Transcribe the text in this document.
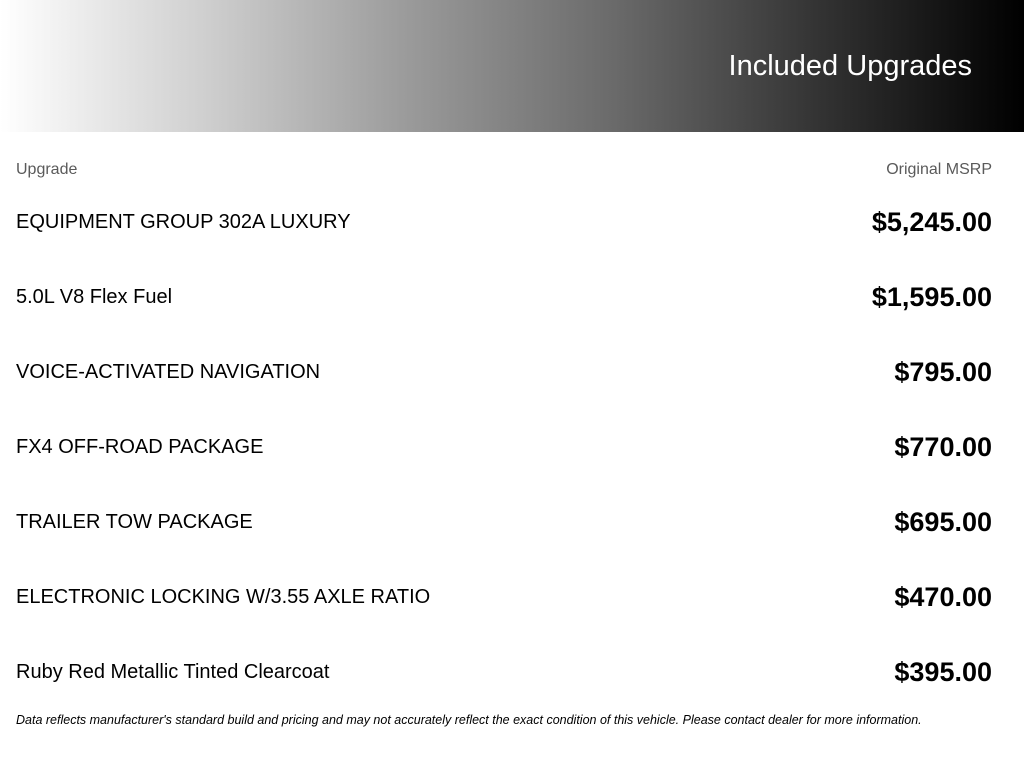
Included Upgrades
Upgrade	Original MSRP
EQUIPMENT GROUP 302A LUXURY	$5,245.00
5.0L V8 Flex Fuel	$1,595.00
VOICE-ACTIVATED NAVIGATION	$795.00
FX4 OFF-ROAD PACKAGE	$770.00
TRAILER TOW PACKAGE	$695.00
ELECTRONIC LOCKING W/3.55 AXLE RATIO	$470.00
Ruby Red Metallic Tinted Clearcoat	$395.00
Data reflects manufacturer's standard build and pricing and may not accurately reflect the exact condition of this vehicle. Please contact dealer for more information.
